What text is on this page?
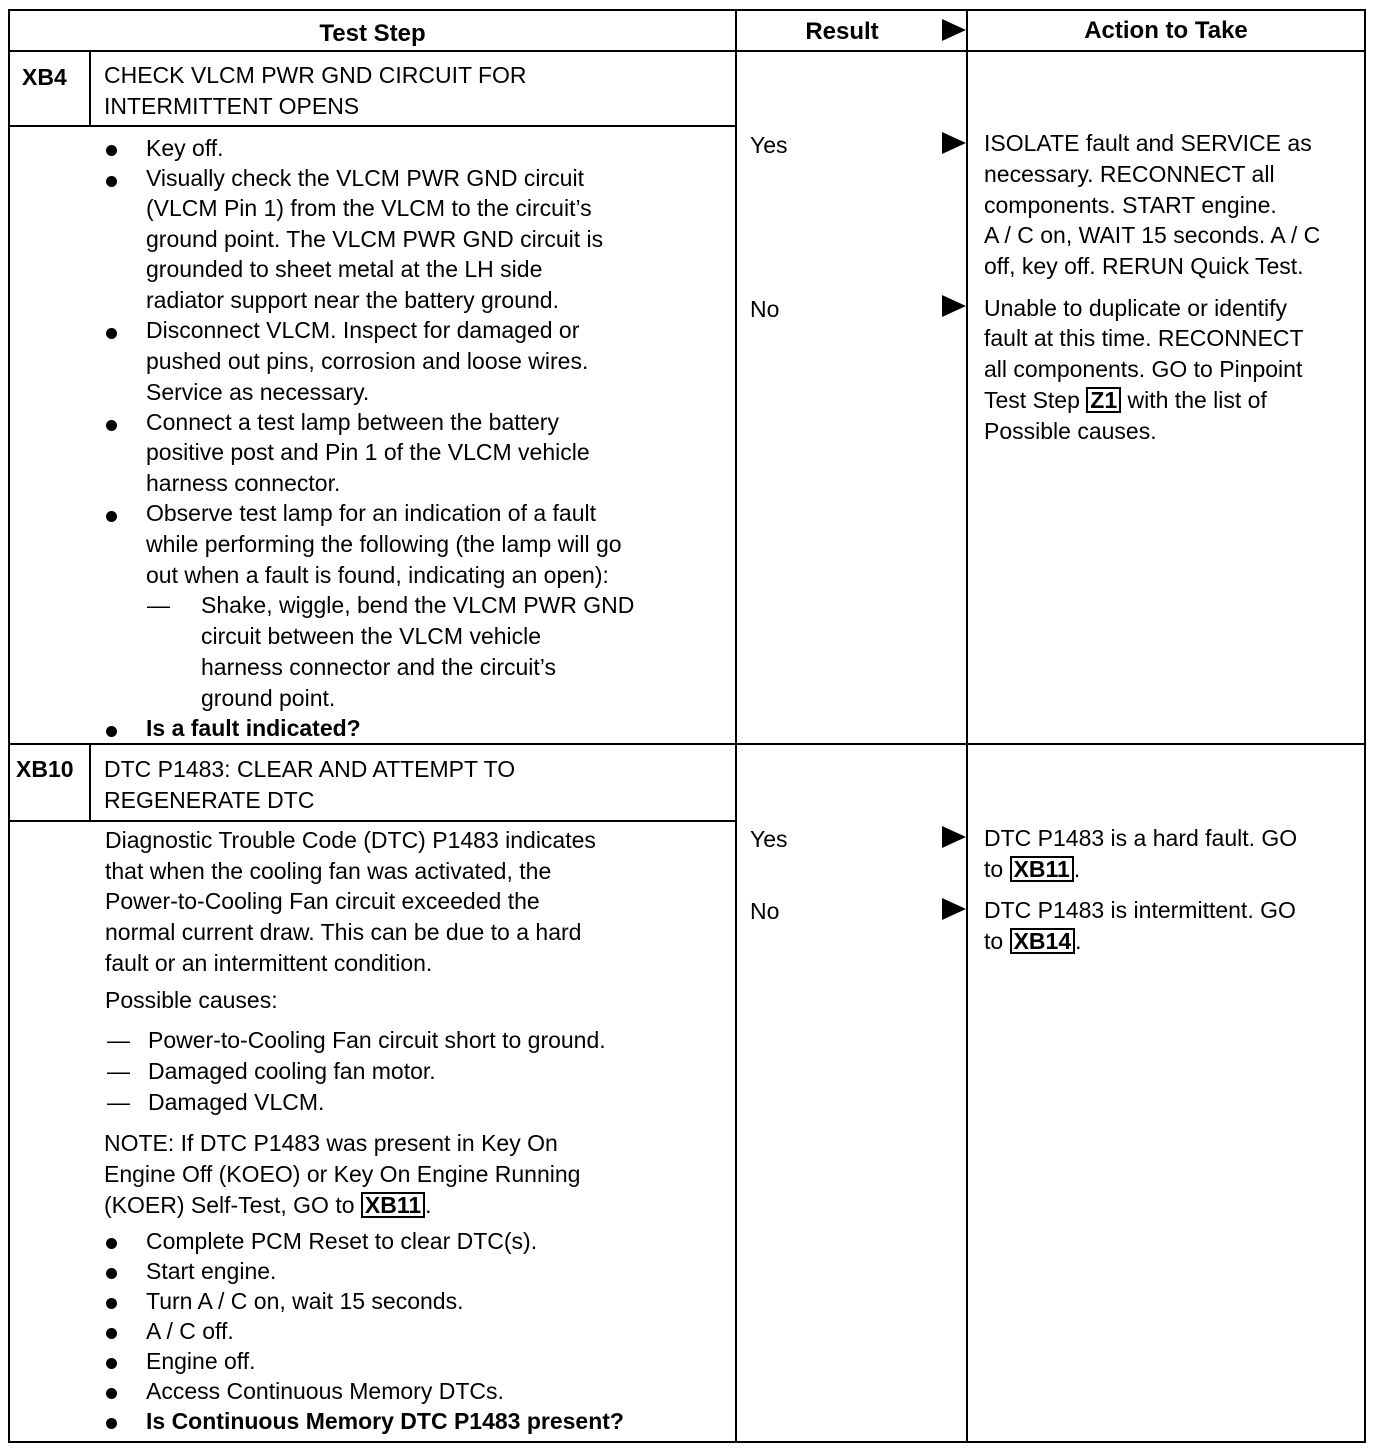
Test Step	Result	Action to Take
XB4 CHECK VLCM PWR GND CIRCUIT FOR
INTERMITTENT OPENS
Key off.
Visually check the VLCM PWR GND circuit
(VLCM Pin 1) from the VLCM to the circuit’s
ground point. The VLCM PWR GND circuit is
grounded to sheet metal at the LH side
radiator support near the battery ground.
Disconnect VLCM. Inspect for damaged or
pushed out pins, corrosion and loose wires.
Service as necessary.
Connect a test lamp between the battery
positive post and Pin 1 of the VLCM vehicle
harness connector.
Observe test lamp for an indication of a fault
while performing the following (the lamp will go
out when a fault is found, indicating an open):
— Shake, wiggle, bend the VLCM PWR GND
circuit between the VLCM vehicle
harness connector and the circuit’s
ground point.
Is a fault indicated?
Yes
No
ISOLATE fault and SERVICE as
necessary. RECONNECT all
components. START engine.
A / C on, WAIT 15 seconds. A / C
off, key off. RERUN Quick Test.
Unable to duplicate or identify
fault at this time. RECONNECT
all components. GO to Pinpoint
Test Step Z1 with the list of
Possible causes.
XB10 DTC P1483: CLEAR AND ATTEMPT TO
REGENERATE DTC
Diagnostic Trouble Code (DTC) P1483 indicates
that when the cooling fan was activated, the
Power-to-Cooling Fan circuit exceeded the
normal current draw. This can be due to a hard
fault or an intermittent condition.
Possible causes:
— Power-to-Cooling Fan circuit short to ground.
— Damaged cooling fan motor.
— Damaged VLCM.
NOTE: If DTC P1483 was present in Key On
Engine Off (KOEO) or Key On Engine Running
(KOER) Self-Test, GO to XB11 .
Complete PCM Reset to clear DTC(s).
Start engine.
Turn A / C on, wait 15 seconds.
A / C off.
Engine off.
Access Continuous Memory DTCs.
Is Continuous Memory DTC P1483 present?
Yes
No
DTC P1483 is a hard fault. GO
to XB11 .
DTC P1483 is intermittent. GO
to XB14 .
